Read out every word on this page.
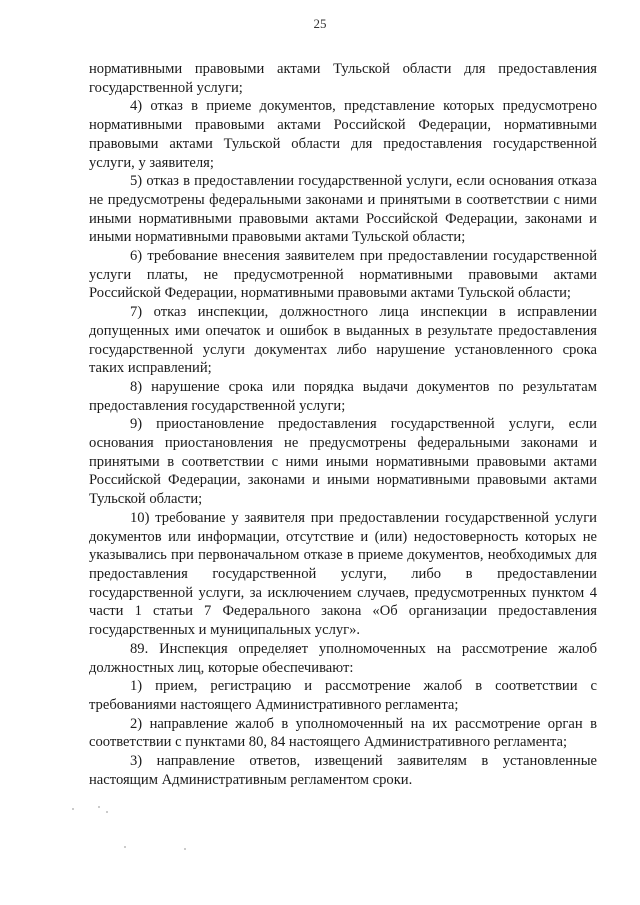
25

нормативными правовыми актами Тульской области для предоставления государственной услуги;

4) отказ в приеме документов, представление которых предусмотрено нормативными правовыми актами Российской Федерации, нормативными правовыми актами Тульской области для предоставления государственной услуги, у заявителя;

5) отказ в предоставлении государственной услуги, если основания отказа не предусмотрены федеральными законами и принятыми в соответствии с ними иными нормативными правовыми актами Российской Федерации, законами и иными нормативными правовыми актами Тульской области;

6) требование внесения заявителем при предоставлении государственной услуги платы, не предусмотренной нормативными правовыми актами Российской Федерации, нормативными правовыми актами Тульской области;

7) отказ инспекции, должностного лица инспекции в исправлении допущенных ими опечаток и ошибок в выданных в результате предоставления государственной услуги документах либо нарушение установленного срока таких исправлений;

8) нарушение срока или порядка выдачи документов по результатам предоставления государственной услуги;

9) приостановление предоставления государственной услуги, если основания приостановления не предусмотрены федеральными законами и принятыми в соответствии с ними иными нормативными правовыми актами Российской Федерации, законами и иными нормативными правовыми актами Тульской области;

10) требование у заявителя при предоставлении государственной услуги документов или информации, отсутствие и (или) недостоверность которых не указывались при первоначальном отказе в приеме документов, необходимых для предоставления государственной услуги, либо в предоставлении государственной услуги, за исключением случаев, предусмотренных пунктом 4 части 1 статьи 7 Федерального закона «Об организации предоставления государственных и муниципальных услуг».

89. Инспекция определяет уполномоченных на рассмотрение жалоб должностных лиц, которые обеспечивают:

1) прием, регистрацию и рассмотрение жалоб в соответствии с требованиями настоящего Административного регламента;

2) направление жалоб в уполномоченный на их рассмотрение орган в соответствии с пунктами 80, 84 настоящего Административного регламента;

3) направление ответов, извещений заявителям в установленные настоящим Административным регламентом сроки.
